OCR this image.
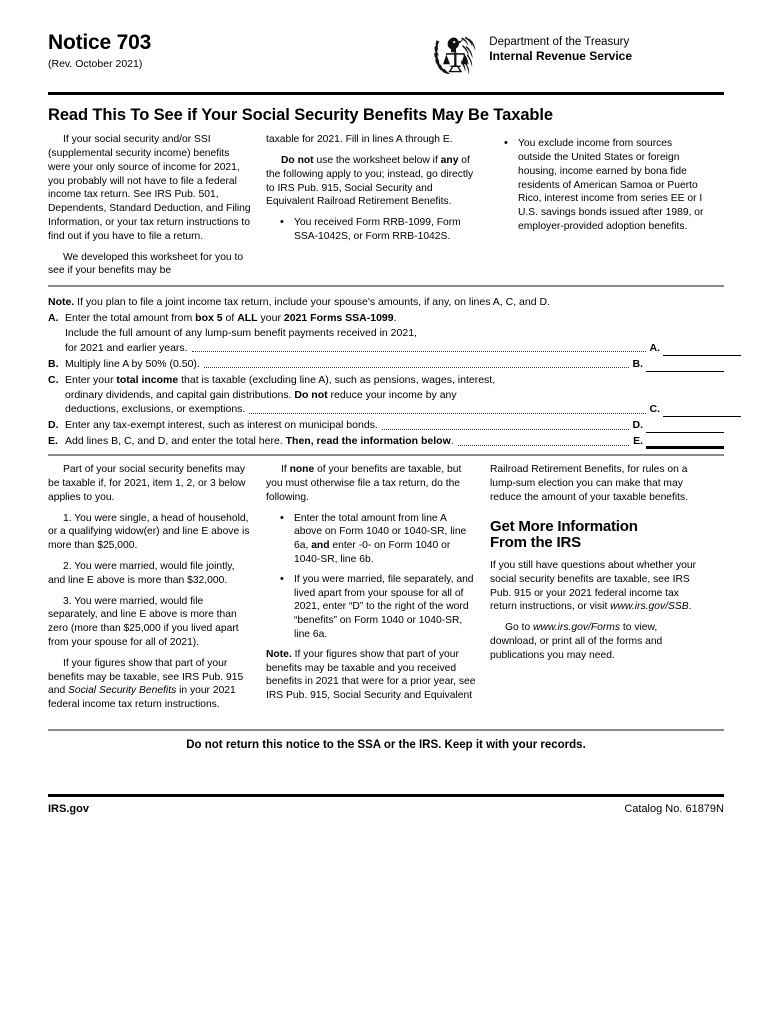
Notice 703
(Rev. October 2021)
Department of the Treasury
Internal Revenue Service
Read This To See if Your Social Security Benefits May Be Taxable

If your social security and/or SSI (supplemental security income) benefits were your only source of income for 2021, you probably will not have to file a federal income tax return. See IRS Pub. 501, Dependents, Standard Deduction, and Filing Information, or your tax return instructions to find out if you have to file a return.

We developed this worksheet for you to see if your benefits may be

taxable for 2021. Fill in lines A through E.

Do not use the worksheet below if any of the following apply to you; instead, go directly to IRS Pub. 915, Social Security and Equivalent Railroad Retirement Benefits.

• You received Form RRB-1099, Form SSA-1042S, or Form RRB-1042S.
• You exclude income from sources outside the United States or foreign housing, income earned by bona fide residents of American Samoa or Puerto Rico, interest income from series EE or I U.S. savings bonds issued after 1989, or employer-provided adoption benefits.
Note. If you plan to file a joint income tax return, include your spouse's amounts, if any, on lines A, C, and D.
A. Enter the total amount from box 5 of ALL your 2021 Forms SSA-1099.
Include the full amount of any lump-sum benefit payments received in 2021,
for 2021 and earlier years.	A.
B. Multiply line A by 50% (0.50).	B.
C. Enter your total income that is taxable (excluding line A), such as pensions, wages, interest,
ordinary dividends, and capital gain distributions. Do not reduce your income by any
deductions, exclusions, or exemptions.	C.
D. Enter any tax-exempt interest, such as interest on municipal bonds.	D.
E. Add lines B, C, and D, and enter the total here. Then, read the information below.	E.

Part of your social security benefits may be taxable if, for 2021, item 1, 2, or 3 below applies to you.

1. You were single, a head of household, or a qualifying widow(er) and line E above is more than $25,000.

2. You were married, would file jointly, and line E above is more than $32,000.

3. You were married, would file separately, and line E above is more than zero (more than $25,000 if you lived apart from your spouse for all of 2021).

If your figures show that part of your benefits may be taxable, see IRS Pub. 915 and Social Security Benefits in your 2021 federal income tax return instructions.

If none of your benefits are taxable, but you must otherwise file a tax return, do the following.

• Enter the total amount from line A above on Form 1040 or 1040-SR, line 6a, and enter -0- on Form 1040 or 1040-SR, line 6b.
• If you were married, file separately, and lived apart from your spouse for all of 2021, enter “D” to the right of the word “benefits” on Form 1040 or 1040-SR, line 6a.

Note. If your figures show that part of your benefits may be taxable and you received benefits in 2021 that were for a prior year, see IRS Pub. 915, Social Security and Equivalent

Railroad Retirement Benefits, for rules on a lump-sum election you can make that may reduce the amount of your taxable benefits.

Get More Information
From the IRS

If you still have questions about whether your social security benefits are taxable, see IRS Pub. 915 or your 2021 federal income tax return instructions, or visit www.irs.gov/SSB.

Go to www.irs.gov/Forms to view, download, or print all of the forms and publications you may need.

Do not return this notice to the SSA or the IRS. Keep it with your records.
IRS.gov	Catalog No. 61879N
